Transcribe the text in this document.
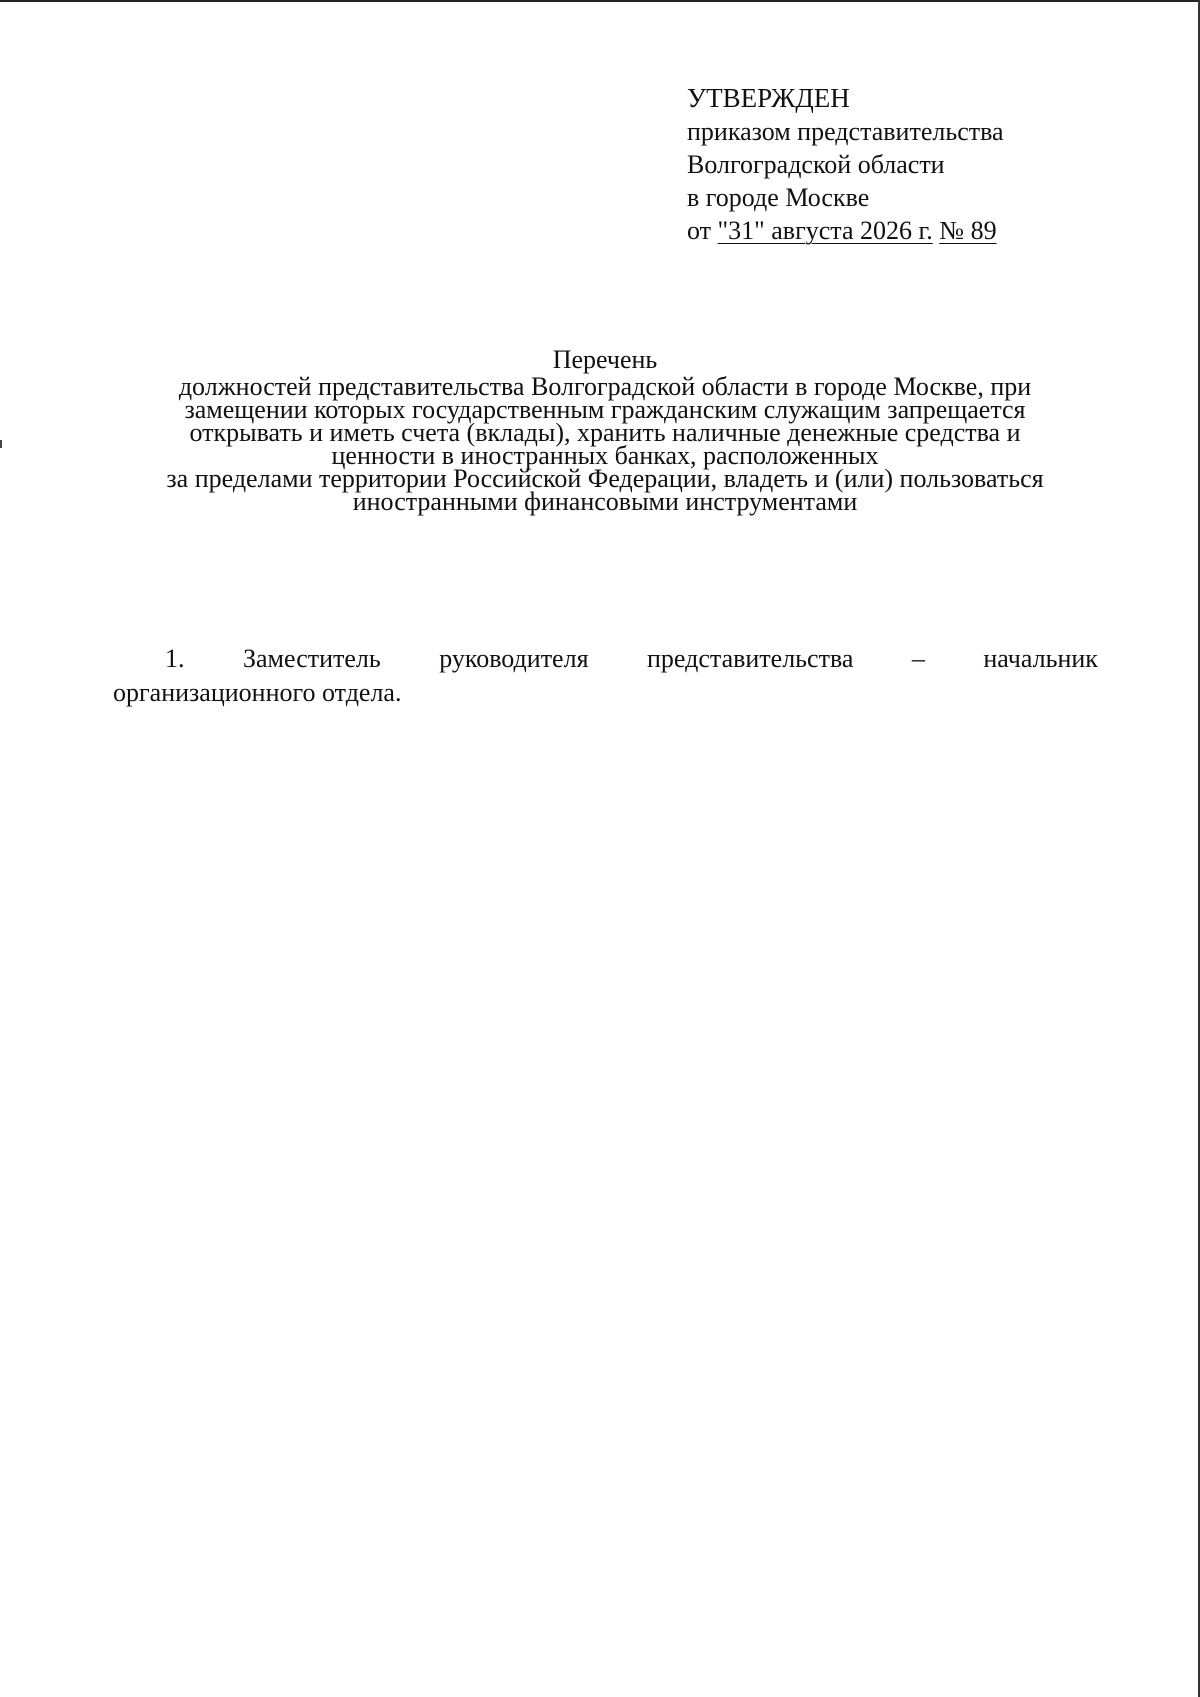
УТВЕРЖДЕН
приказом представительства
Волгоградской области
в городе Москве
от "31" августа 2026 г. № 89
Перечень
должностей представительства Волгоградской области в городе Москве, при
замещении которых государственным гражданским служащим запрещается
открывать и иметь счета (вклады), хранить наличные денежные средства и
ценности в иностранных банках, расположенных
за пределами территории Российской Федерации, владеть и (или) пользоваться
иностранными финансовыми инструментами
1. Заместитель руководителя представительства – начальник
организационного отдела.
